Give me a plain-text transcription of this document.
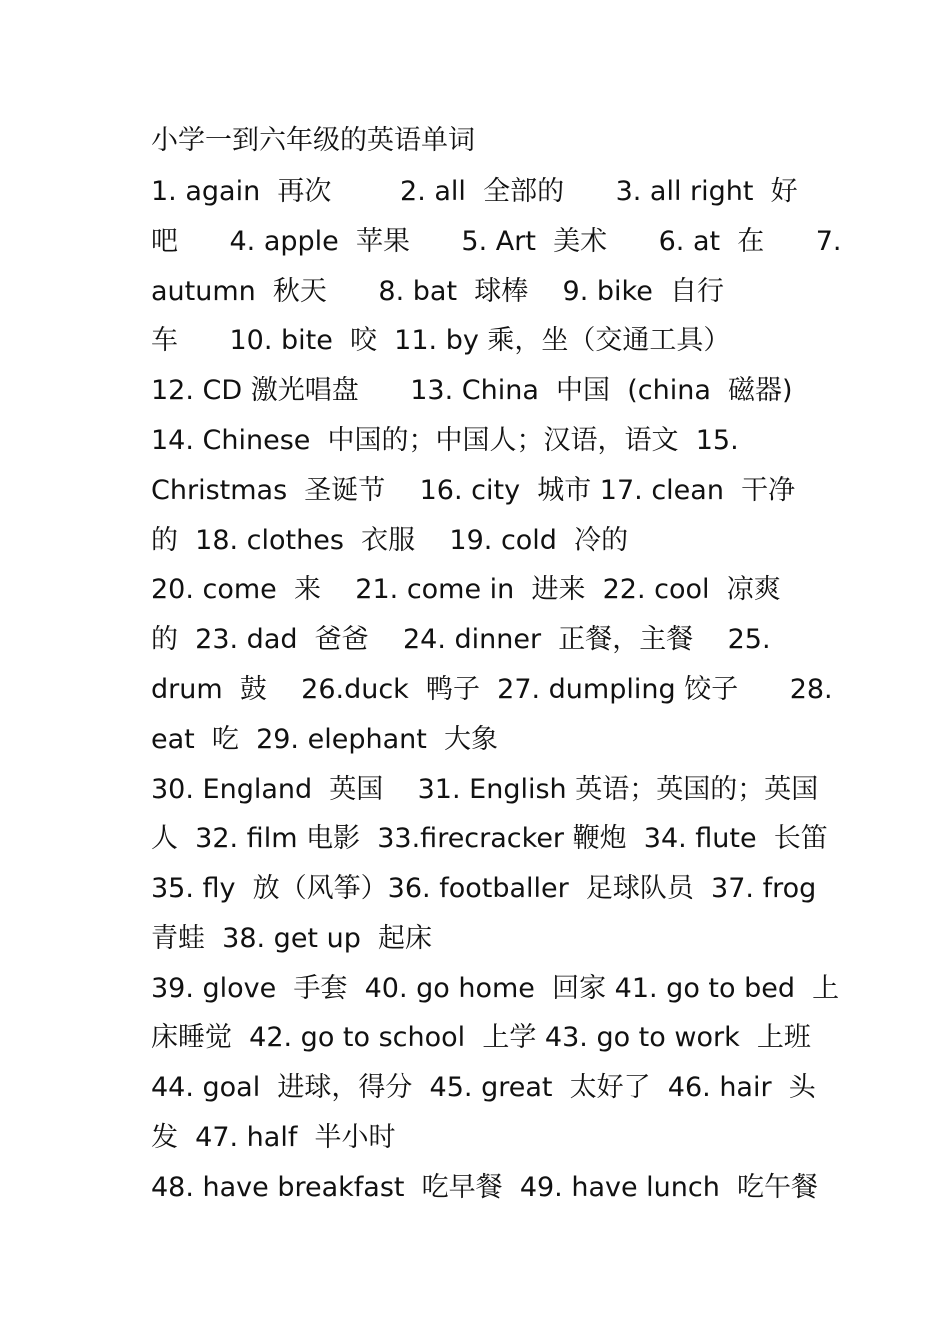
小学一到六年级的英语单词
1. again  再次        2. all  全部的      3. all right  好
吧      4. apple  苹果      5. Art  美术      6. at  在      7.
autumn  秋天      8. bat  球棒    9. bike  自行
车      10. bite  咬  11. by 乘，坐（交通工具）
12. CD 激光唱盘      13. China  中国  (china  磁器)
14. Chinese  中国的；中国人；汉语，语文  15.
Christmas  圣诞节    16. city  城市 17. clean  干净
的  18. clothes  衣服    19. cold  冷的
20. come  来    21. come in  进来  22. cool  凉爽
的  23. dad  爸爸    24. dinner  正餐，主餐    25.
drum  鼓    26.duck  鸭子  27. dumpling 饺子      28.
eat  吃  29. elephant  大象
30. England  英国    31. English 英语；英国的；英国
人  32. film 电影  33.firecracker 鞭炮  34. flute  长笛
35. fly  放（风筝）36. footballer  足球队员  37. frog
青蛙  38. get up  起床
39. glove  手套  40. go home  回家 41. go to bed  上
床睡觉  42. go to school  上学 43. go to work  上班
44. goal  进球，得分  45. great  太好了  46. hair  头
发  47. half  半小时
48. have breakfast  吃早餐  49. have lunch  吃午餐
